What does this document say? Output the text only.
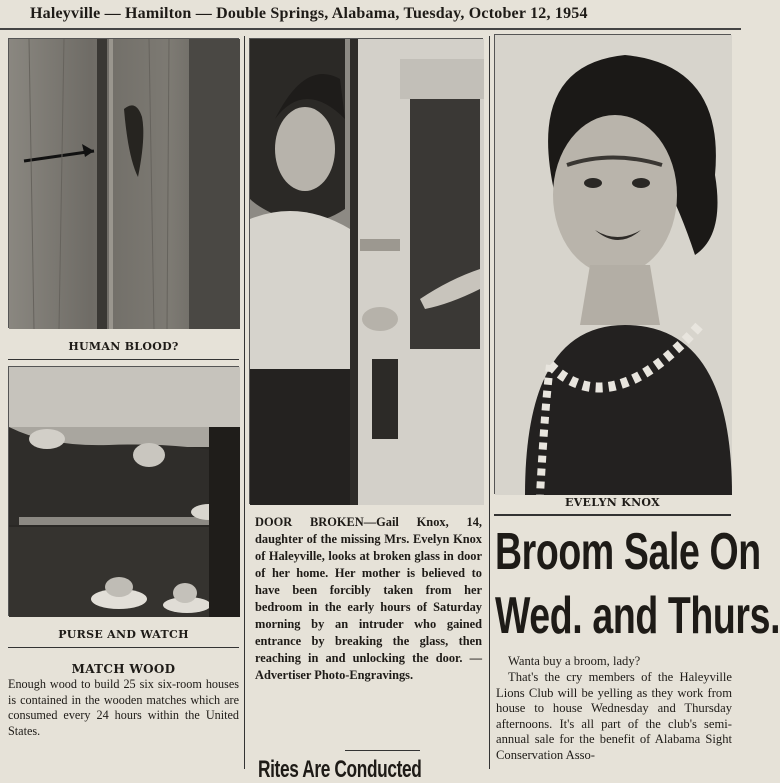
Haleyville — Hamilton — Double Springs, Alabama, Tuesday, October 12, 1954
HUMAN BLOOD?
PURSE AND WATCH
MATCH WOOD
Enough wood to build 25 six six-room houses is contained in the wooden matches which are consumed every 24 hours within the United States.
DOOR BROKEN—Gail Knox, 14, daughter of the missing Mrs. Evelyn Knox of Haleyville, looks at broken glass in door of her home. Her mother is believed to have been forcibly taken from her bedroom in the early hours of Saturday morning by an intruder who gained entrance by breaking the glass, then reaching in and unlocking the door. —Advertiser Photo-Engravings.
Rites Are Conducted
EVELYN KNOX
Broom Sale On
Wed. and Thurs.
Wanta buy a broom, lady?
That's the cry members of the Haleyville Lions Club will be yelling as they work from house to house Wednesday and Thursday afternoons. It's all part of the club's semi-annual sale for the benefit of Alabama Sight Conservation Asso-
